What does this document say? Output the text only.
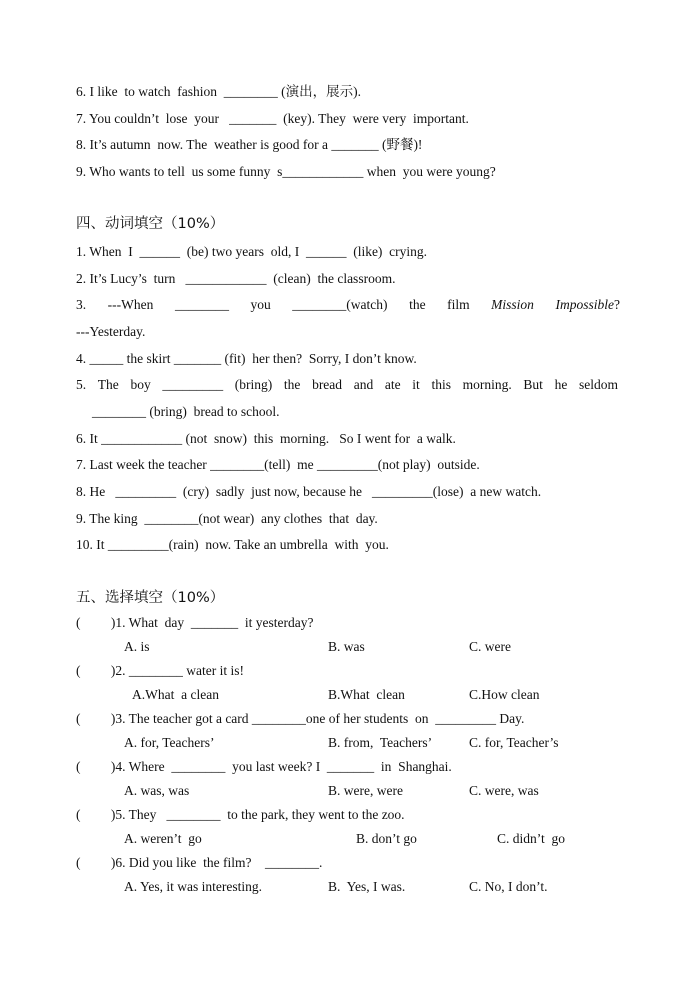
6. I like  to watch  fashion  ________ (演出，展示).
7. You couldn’t  lose  your   _______  (key). They  were very  important.
8. It’s autumn  now. The  weather is good for a _______ (野餐)!
9. Who wants to tell  us some funny  s____________ when  you were young?
四、动词填空（10%）
1. When  I  ______  (be) two years  old, I  ______  (like)  crying.
2. It’s Lucy’s  turn   ____________  (clean)  the classroom.
3. ---When ________ you ________(watch) the film Mission Impossible?
---Yesterday.
4. _____ the skirt _______ (fit)  her then?  Sorry, I don’t know.
5. The boy _________ (bring) the bread and ate it this morning. But he seldom
________ (bring)  bread to school.
6. It ____________ (not  snow)  this  morning.   So I went for  a walk.
7. Last week the teacher ________(tell)  me _________(not play)  outside.
8. He   _________  (cry)  sadly  just now, because he   _________(lose)  a new watch.
9. The king  ________(not wear)  any clothes  that  day.
10. It _________(rain)  now. Take an umbrella  with  you.
五、选择填空（10%）
(         )1. What  day  _______  it yesterday?
A. is	B. was	C. were
(         )2. ________ water it is!
A.What  a clean	B.What  clean	C.How clean
(         )3. The teacher got a card ________one of her students  on  _________ Day.
A. for, Teachers’	B. from,  Teachers’	C. for, Teacher’s
(         )4. Where  ________  you last week? I  _______  in  Shanghai.
A. was, was	B. were, were	C. were, was
(         )5. They   ________  to the park, they went to the zoo.
A. weren’t  go	B. don’t go	C. didn’t  go
(         )6. Did you like  the film?    ________.
A. Yes, it was interesting.	B.  Yes, I was.	C. No, I don’t.
